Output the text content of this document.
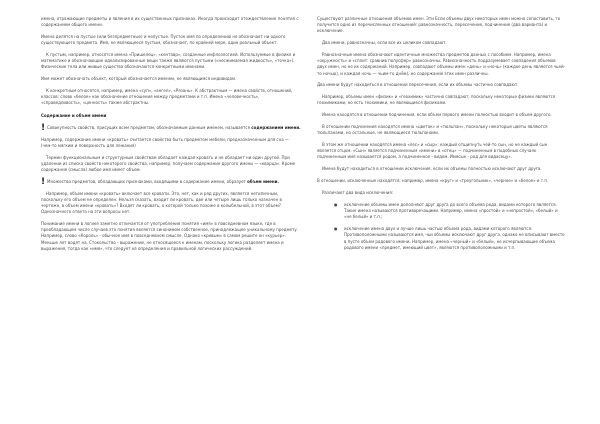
имена, отражающие предметы и явления в их существенных признаках. Иногда происходит отождествление понятия с содержанием общего имени.

Имена делятся на пустые (или безпредметные) и непустые. Пустое имя по определению не обозначает ни одного существующего предмета. Имя, не являющееся пустым, обозначает, по крайней мере, один реальный объект.

К пустым, например, относятся имена «Пришелец», «кентавр», созданные инфлоэлогией. Используемые в физике и математике и обозначающие идеализированные вещи также являются пустыми («несжимаемая жидкость», «точка»). Физические тела или живые существа обозначаются конкретными именами.

Имя может обозначать объект, который обозначается именем, не являющимся индивидом.

К конкретным относятся, например, имена «суп», «ангел», «Рязань». К абстрактным — имена свойств, отношений, классов: слово «белое» как обозначение отношения между предметами и т.п. Имена «человечность», «справедливость», «ценность» также абстрактны.

Содержание и объем имени
! Совокупность свойств, присущих всем предметам, обозначаемым данным именем, называется содержанием имени.

Например, содержание имени «кровать» считается свойства быть предметом мебели, предназначенным для сна — (чем-то мягким и поверхность для лежания)

Термин функциональным и структурным свойствам обладает каждая кровать и не обладает ни один другой. При удалении из списка свойств некоторого свойства, например, получаем содержание другого имени — «кварца». Кроме содержания (смысла) любое имя имеет объем.

! Множество предметов, обладающих признаками, входящими в содержание имени, образует объем имени.

Например, объем имени «кровать» включает все кровати. Это, нет, как и ряд других, является нетипичным, поскольку его объем не определен. Нельзя сказать, входит ли кровать, две или четыре лишь только назначен в чертеже, в объем имени «кровать»? Входят ли кровать, о которой только похоже в колыбельной, в этот объем? Однозначного ответа на эти вопросы нет.

Понимание имени в логике заметно отличается от употребления понятия «имя» в повседневном языке, где в преобладающем числе случаев эта понятия является синонимом собственное, принадлежащее уникальному предмету. Например, слово «Король» - обычное имя в повседневном смысле. Однако «кривым» в самом решите он «курьер». Меньше лет водят на. Стокольство - выражение, не относящееся к именам, поскольку логика разделяет имена и выражения, тогда как «имя», что следует из определения и правильной логических рассуждений.

Существуют различные отношения объемов имен. Эти Если объемы двух некоторых имен можно сопоставить, то получится одно из перечисленных отношений: равнозначность, пересечение, подчинение (два варианта) и исключение.

Два имени, равнозначны, если все их целиком совпадают.

Равнозначные имена обозначают идентичные множества предметов данных с пособием. Например, имена «окружность» и «сплит: сравнив полусфер» равнозначны. Равнозначность подразумевает совпадения объемов двух имен, но не их содержаний. Например, совпадают объемы имен «день» и «ночь» (каждое день является чьей-то ночью), и каждая ночь — чьим-то днём), но содержание этих имен различны.

Два имени будут находиться в отношении пересечения, если их объемы частично совпадают.

Например, объемы имен «физик» и «геохимик» частично совпадают, поскольку некоторые физики являются геохимиками, но есть геохимики, не являющиеся физиками.

Имена находятся в отношении подчинения, если объем первого имени полностью входит в объем другого.

В отношении подчинения находятся имена «цветок» и «тюльпан», поскольку некоторые цветы являются тюльпанами, но остальные, не являющиеся тюльпанами.

В этом же отношении находятся имена «лес» и «сыр»: каждый отщипнуть чей-то сын, но не каждый сын является отцом. «Сын» является подчиненным «имени» в «отец» — подчиненным в подобных случаях подчиненным имя называется родом, а подчиненное - видом. Имясын - род для видасецу».

Имена будут находиться в отношении исключения, если их объемы полностью исключают друг друга.

В отношении, исключенные находятся, например, имена «круг» и «треугольник», «черное» и «белое» и т.п.

Различают два вида исключения:

● исключение объемы имен дополняют друг друга до всего объема рода, видами которого является. Такие имена называются противоречащими. Например, имена «простой» и «непростой», «белый» и «не белый» и т.п.;
● исключение имена двух и лучше лишь частью объема рода, видами которого являются. Противоположными называются имя, чьи объемы исключают друг друга, однако не вписывают вместе в пусте объем родового имени. Например, имена «черный» и «белый», не исчерпывающие объема родового имени «предмет, имеющий цвет», являются противоположными и т.п.
